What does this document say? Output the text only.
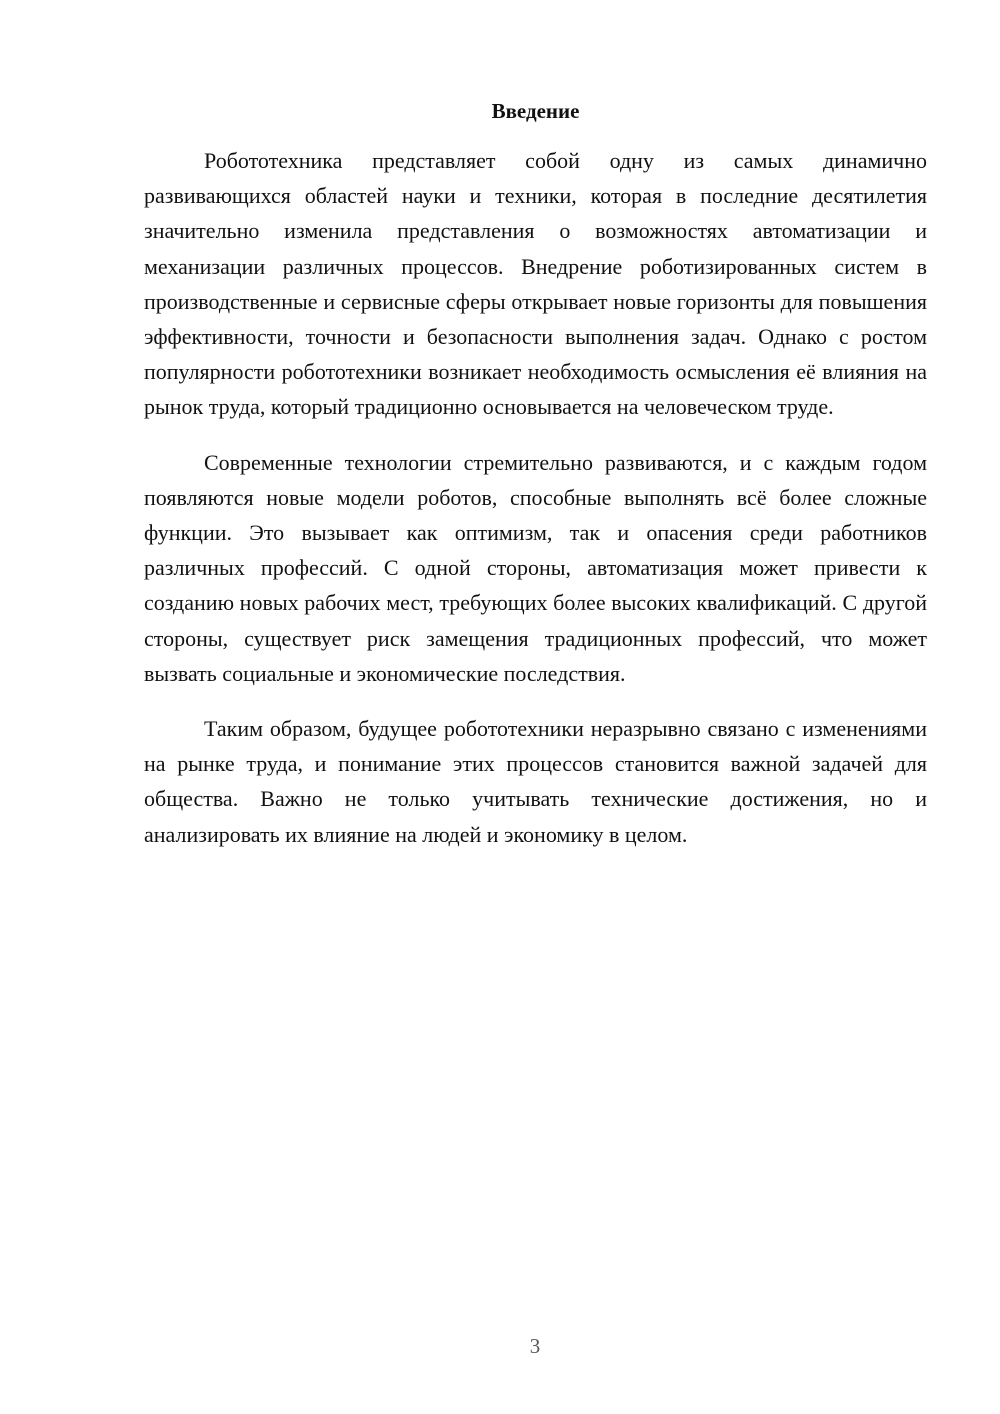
Введение

Робототехника представляет собой одну из самых динамично развивающихся областей науки и техники, которая в последние десятилетия значительно изменила представления о возможностях автоматизации и механизации различных процессов. Внедрение роботизированных систем в производственные и сервисные сферы открывает новые горизонты для повышения эффективности, точности и безопасности выполнения задач. Однако с ростом популярности робототехники возникает необходимость осмысления её влияния на рынок труда, который традиционно основывается на человеческом труде.

Современные технологии стремительно развиваются, и с каждым годом появляются новые модели роботов, способные выполнять всё более сложные функции. Это вызывает как оптимизм, так и опасения среди работников различных профессий. С одной стороны, автоматизация может привести к созданию новых рабочих мест, требующих более высоких квалификаций. С другой стороны, существует риск замещения традиционных профессий, что может вызвать социальные и экономические последствия.

Таким образом, будущее робототехники неразрывно связано с изменениями на рынке труда, и понимание этих процессов становится важной задачей для общества. Важно не только учитывать технические достижения, но и анализировать их влияние на людей и экономику в целом.

3
